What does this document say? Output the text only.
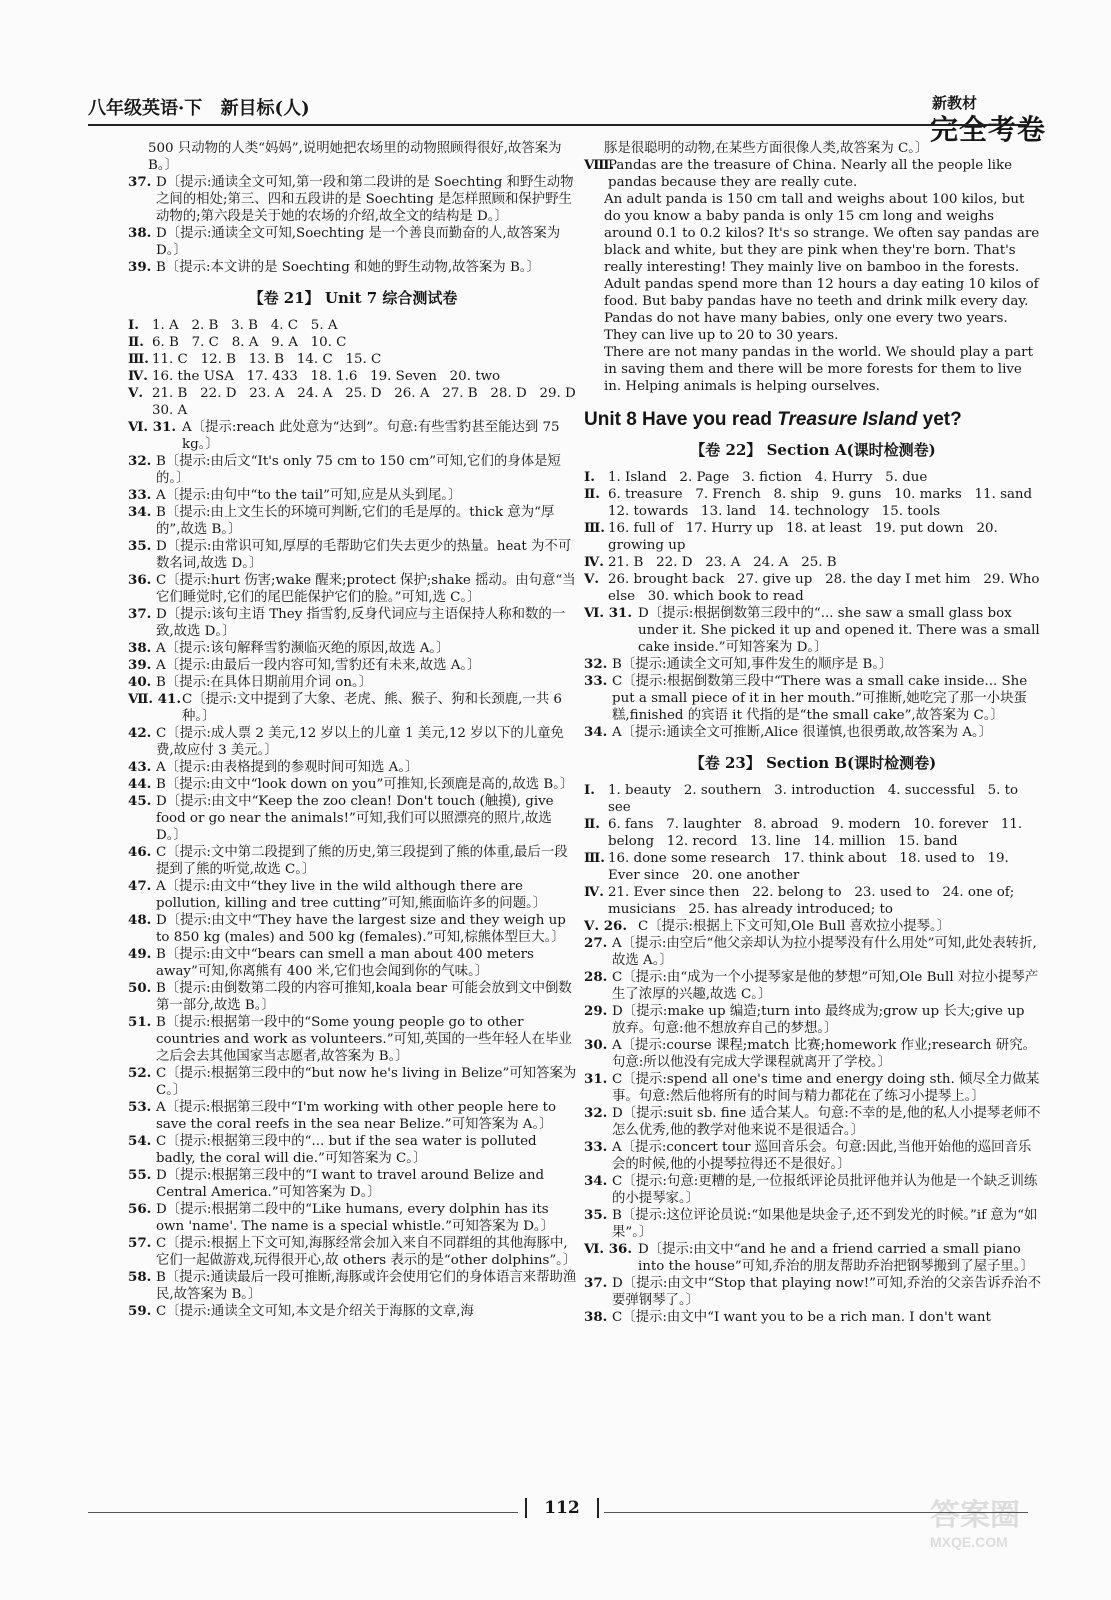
八年级英语·下 新目标(人)	新教材
完全考卷

500 只动物的人类“妈妈”,说明她把农场里的动物照顾得很好,故答案为 B。〕

37. D〔提示:通读全文可知,第一段和第二段讲的是 Soechting 和野生动物之间的相处;第三、四和五段讲的是 Soechting 是怎样照顾和保护野生动物的;第六段是关于她的农场的介绍,故全文的结构是 D。〕
38. D〔提示:通读全文可知,Soechting 是一个善良而勤奋的人,故答案为 D。〕
39. B〔提示:本文讲的是 Soechting 和她的野生动物,故答案为 B。〕
【卷 21】 Unit 7 综合测试卷
Ⅰ. 1. A   2. B   3. B   4. C   5. A
Ⅱ. 6. B   7. C   8. A   9. A   10. C
Ⅲ. 11. C   12. B   13. B   14. C   15. C
Ⅳ. 16. the USA   17. 433   18. 1.6   19. Seven   20. two
Ⅴ. 21. B   22. D   23. A   24. A   25. D   26. A   27. B   28. D   29. D   30. A
Ⅵ. 31. A〔提示:reach 此处意为“达到”。句意:有些雪豹甚至能达到 75 kg。〕
32. B〔提示:由后文“It's only 75 cm to 150 cm”可知,它们的身体是短的。〕
33. A〔提示:由句中“to the tail”可知,应是从头到尾。〕
34. B〔提示:由上文生长的环境可判断,它们的毛是厚的。thick 意为“厚的”,故选 B。〕
35. D〔提示:由常识可知,厚厚的毛帮助它们失去更少的热量。heat 为不可数名词,故选 D。〕
36. C〔提示:hurt 伤害;wake 醒来;protect 保护;shake 摇动。由句意“当它们睡觉时,它们的尾巴能保护它们的脸。”可知,选 C。〕
37. D〔提示:该句主语 They 指雪豹,反身代词应与主语保持人称和数的一致,故选 D。〕
38. A〔提示:该句解释雪豹濒临灭绝的原因,故选 A。〕
39. A〔提示:由最后一段内容可知,雪豹还有未来,故选 A。〕
40. B〔提示:在具体日期前用介词 on。〕
Ⅶ. 41. C〔提示:文中提到了大象、老虎、熊、猴子、狗和长颈鹿,一共 6 种。〕
42. C〔提示:成人票 2 美元,12 岁以上的儿童 1 美元,12 岁以下的儿童免费,故应付 3 美元。〕
43. A〔提示:由表格提到的参观时间可知选 A。〕
44. B〔提示:由文中“look down on you”可推知,长颈鹿是高的,故选 B。〕
45. D〔提示:由文中“Keep the zoo clean! Don't touch (触摸), give food or go near the animals!”可知,我们可以照漂亮的照片,故选 D。〕
46. C〔提示:文中第二段提到了熊的历史,第三段提到了熊的体重,最后一段提到了熊的听觉,故选 C。〕
47. A〔提示:由文中“they live in the wild although there are pollution, killing and tree cutting”可知,熊面临许多的问题。〕
48. D〔提示:由文中“They have the largest size and they weigh up to 850 kg (males) and 500 kg (females).”可知,棕熊体型巨大。〕
49. B〔提示:由文中“bears can smell a man about 400 meters away”可知,你离熊有 400 米,它们也会闻到你的气味。〕
50. B〔提示:由倒数第二段的内容可推知,koala bear 可能会放到文中倒数第一部分,故选 B。〕
51. B〔提示:根据第一段中的“Some young people go to other countries and work as volunteers.”可知,英国的一些年轻人在毕业之后会去其他国家当志愿者,故答案为 B。〕
52. C〔提示:根据第三段中的“but now he's living in Belize”可知答案为 C。〕
53. A〔提示:根据第三段中“I'm working with other people here to save the coral reefs in the sea near Belize.”可知答案为 A。〕
54. C〔提示:根据第三段中的“... but if the sea water is polluted badly, the coral will die.”可知答案为 C。〕
55. D〔提示:根据第三段中的“I want to travel around Belize and Central America.”可知答案为 D。〕
56. D〔提示:根据第二段中的“Like humans, every dolphin has its own 'name'. The name is a special whistle.”可知答案为 D。〕
57. C〔提示:根据上下文可知,海豚经常会加入来自不同群组的其他海豚中,它们一起做游戏,玩得很开心,故 others 表示的是“other dolphins”。〕
58. B〔提示:通读最后一段可推断,海豚或许会使用它们的身体语言来帮助渔民,故答案为 B。〕
59. C〔提示:通读全文可知,本文是介绍关于海豚的文章,海

豚是很聪明的动物,在某些方面很像人类,故答案为 C。〕

Ⅷ.
Pandas are the treasure of China. Nearly all the people like pandas because they are really cute.

An adult panda is 150 cm tall and weighs about 100 kilos, but do you know a baby panda is only 15 cm long and weighs around 0.1 to 0.2 kilos? It's so strange. We often say pandas are black and white, but they are pink when they're born. That's really interesting! They mainly live on bamboo in the forests. Adult pandas spend more than 12 hours a day eating 10 kilos of food. But baby pandas have no teeth and drink milk every day. Pandas do not have many babies, only one every two years. They can live up to 20 to 30 years.

There are not many pandas in the world. We should play a part in saving them and there will be more forests for them to live in. Helping animals is helping ourselves.

Unit 8 Have you read Treasure Island yet?
【卷 22】 Section A(课时检测卷)
Ⅰ. 1. Island   2. Page   3. fiction   4. Hurry   5. due
Ⅱ. 6. treasure   7. French   8. ship   9. guns   10. marks   11. sand   12. towards   13. land   14. technology   15. tools
Ⅲ. 16. full of   17. Hurry up   18. at least   19. put down   20. growing up
Ⅳ. 21. B   22. D   23. A   24. A   25. B
Ⅴ. 26. brought back   27. give up   28. the day I met him   29. Who else   30. which book to read
Ⅵ. 31. D〔提示:根据倒数第三段中的“... she saw a small glass box under it. She picked it up and opened it. There was a small cake inside.”可知答案为 D。〕
32. B〔提示:通读全文可知,事件发生的顺序是 B。〕
33. C〔提示:根据倒数第三段中“There was a small cake inside... She put a small piece of it in her mouth.”可推断,她吃完了那一小块蛋糕,finished 的宾语 it 代指的是“the small cake”,故答案为 C。〕
34. A〔提示:通读全文可推断,Alice 很谨慎,也很勇敢,故答案为 A。〕
【卷 23】 Section B(课时检测卷)
Ⅰ. 1. beauty   2. southern   3. introduction   4. successful   5. to see
Ⅱ. 6. fans   7. laughter   8. abroad   9. modern   10. forever   11. belong   12. record   13. line   14. million   15. band
Ⅲ. 16. done some research   17. think about   18. used to   19. Ever since   20. one another
Ⅳ. 21. Ever since then   22. belong to   23. used to   24. one of; musicians   25. has already introduced; to
Ⅴ. 26. C〔提示:根据上下文可知,Ole Bull 喜欢拉小提琴。〕
27. A〔提示:由空后“他父亲却认为拉小提琴没有什么用处”可知,此处表转折,故选 A。〕
28. C〔提示:由“成为一个小提琴家是他的梦想”可知,Ole Bull 对拉小提琴产生了浓厚的兴趣,故选 C。〕
29. D〔提示:make up 编造;turn into 最终成为;grow up 长大;give up 放弃。句意:他不想放弃自己的梦想。〕
30. A〔提示:course 课程;match 比赛;homework 作业;research 研究。句意:所以他没有完成大学课程就离开了学校。〕
31. C〔提示:spend all one's time and energy doing sth. 倾尽全力做某事。句意:然后他将所有的时间与精力都花在了练习小提琴上。〕
32. D〔提示:suit sb. fine 适合某人。句意:不幸的是,他的私人小提琴老师不怎么优秀,他的教学对他来说不是很适合。〕
33. A〔提示:concert tour 巡回音乐会。句意:因此,当他开始他的巡回音乐会的时候,他的小提琴拉得还不是很好。〕
34. C〔提示:句意:更糟的是,一位报纸评论员批评他并认为他是一个缺乏训练的小提琴家。〕
35. B〔提示:这位评论员说:“如果他是块金子,还不到发光的时候。”if 意为“如果”。〕
Ⅵ. 36. D〔提示:由文中“and he and a friend carried a small piano into the house”可知,乔治的朋友帮助乔治把钢琴搬到了屋子里。〕
37. D〔提示:由文中“Stop that playing now!”可知,乔治的父亲告诉乔治不要弹钢琴了。〕
38. C〔提示:由文中“I want you to be a rich man. I don't want
112	答案圈
MXQE.COM
